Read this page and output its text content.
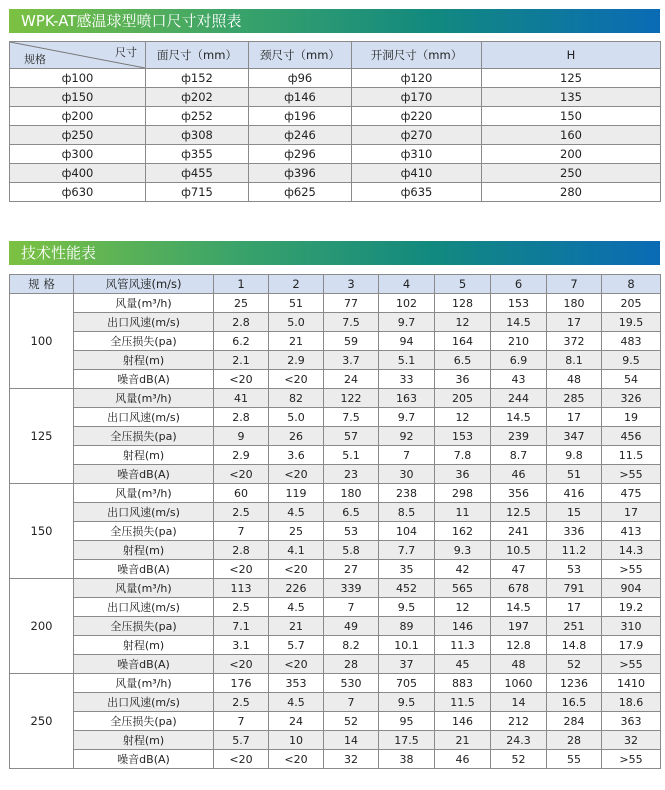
WPK-AT感温球型喷口尺寸对照表
尺寸
规格	面尺寸（mm）	颈尺寸（mm）	开洞尺寸（mm）	H
ф100	ф152	ф96	ф120	125
ф150	ф202	ф146	ф170	135
ф200	ф252	ф196	ф220	150
ф250	ф308	ф246	ф270	160
ф300	ф355	ф296	ф310	200
ф400	ф455	ф396	ф410	250
ф630	ф715	ф625	ф635	280
技术性能表
规 格	风管风速(m/s)	1	2	3	4	5	6	7	8
100	风量(m³/h)	25	51	77	102	128	153	180	205
	出口风速(m/s)	2.8	5.0	7.5	9.7	12	14.5	17	19.5
	全压损失(pa)	6.2	21	59	94	164	210	372	483
	射程(m)	2.1	2.9	3.7	5.1	6.5	6.9	8.1	9.5
	噪音dB(A)	<20	<20	24	33	36	43	48	54
125	风量(m³/h)	41	82	122	163	205	244	285	326
	出口风速(m/s)	2.8	5.0	7.5	9.7	12	14.5	17	19
	全压损失(pa)	9	26	57	92	153	239	347	456
	射程(m)	2.9	3.6	5.1	7	7.8	8.7	9.8	11.5
	噪音dB(A)	<20	<20	23	30	36	46	51	>55
150	风量(m³/h)	60	119	180	238	298	356	416	475
	出口风速(m/s)	2.5	4.5	6.5	8.5	11	12.5	15	17
	全压损失(pa)	7	25	53	104	162	241	336	413
	射程(m)	2.8	4.1	5.8	7.7	9.3	10.5	11.2	14.3
	噪音dB(A)	<20	<20	27	35	42	47	53	>55
200	风量(m³/h)	113	226	339	452	565	678	791	904
	出口风速(m/s)	2.5	4.5	7	9.5	12	14.5	17	19.2
	全压损失(pa)	7.1	21	49	89	146	197	251	310
	射程(m)	3.1	5.7	8.2	10.1	11.3	12.8	14.8	17.9
	噪音dB(A)	<20	<20	28	37	45	48	52	>55
250	风量(m³/h)	176	353	530	705	883	1060	1236	1410
	出口风速(m/s)	2.5	4.5	7	9.5	11.5	14	16.5	18.6
	全压损失(pa)	7	24	52	95	146	212	284	363
	射程(m)	5.7	10	14	17.5	21	24.3	28	32
	噪音dB(A)	<20	<20	32	38	46	52	55	>55
